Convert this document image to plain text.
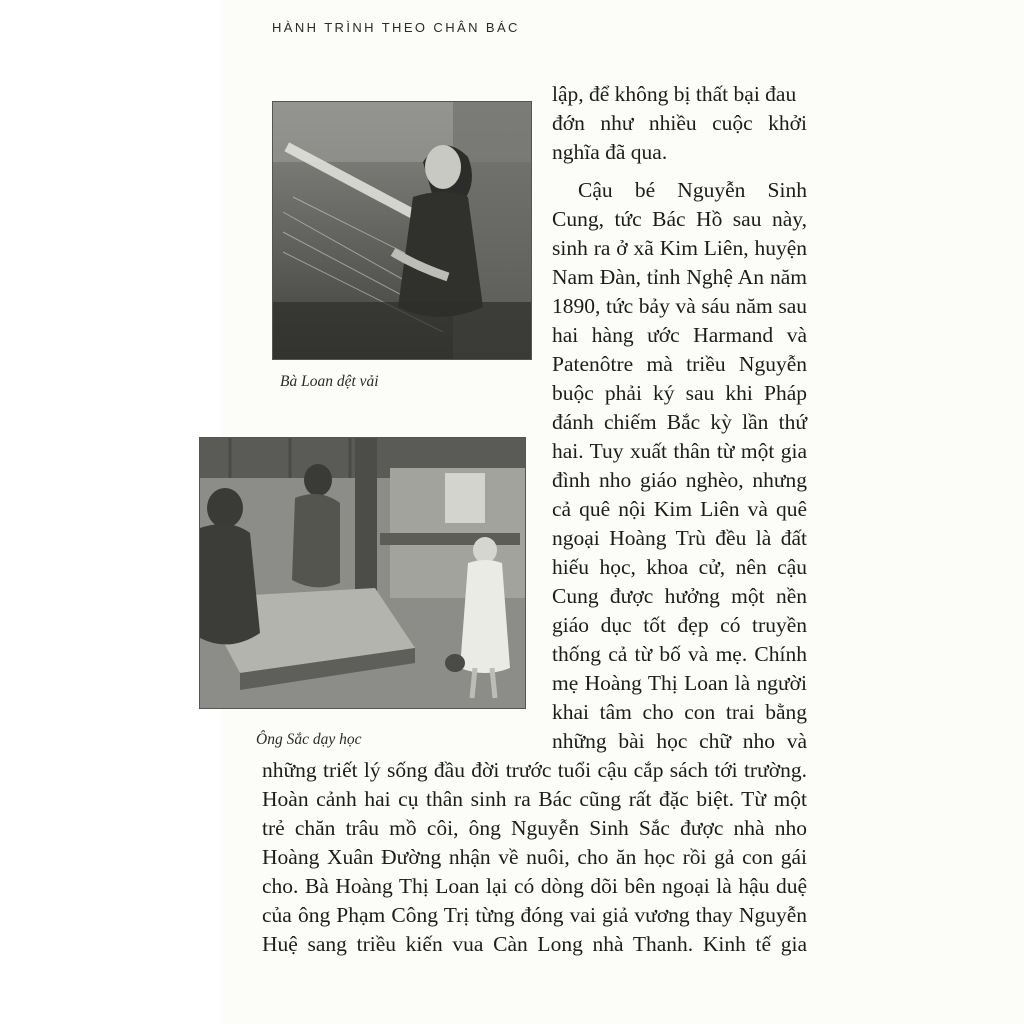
HÀNH TRÌNH THEO CHÂN BÁC
Bà Loan dệt vải
Ông Sắc dạy học
lập, để không bị thất bại đau
đớn như nhiều cuộc khởi
nghĩa đã qua.
Cậu bé Nguyễn Sinh
Cung, tức Bác Hồ sau này,
sinh ra ở xã Kim Liên, huyện
Nam Đàn, tỉnh Nghệ An năm
1890, tức bảy và sáu năm sau
hai hàng ước Harmand và
Patenôtre mà triều Nguyễn
buộc phải ký sau khi Pháp
đánh chiếm Bắc kỳ lần thứ
hai. Tuy xuất thân từ một gia
đình nho giáo nghèo, nhưng
cả quê nội Kim Liên và quê
ngoại Hoàng Trù đều là đất
hiếu học, khoa cử, nên cậu
Cung được hưởng một nền
giáo dục tốt đẹp có truyền
thống cả từ bố và mẹ. Chính
mẹ Hoàng Thị Loan là người
khai tâm cho con trai bằng
những bài học chữ nho và
những triết lý sống đầu đời trước tuổi cậu cắp sách tới trường.
Hoàn cảnh hai cụ thân sinh ra Bác cũng rất đặc biệt. Từ một
trẻ chăn trâu mồ côi, ông Nguyễn Sinh Sắc được nhà nho
Hoàng Xuân Đường nhận về nuôi, cho ăn học rồi gả con gái
cho. Bà Hoàng Thị Loan lại có dòng dõi bên ngoại là hậu duệ
của ông Phạm Công Trị từng đóng vai giả vương thay Nguyễn
Huệ sang triều kiến vua Càn Long nhà Thanh. Kinh tế gia
